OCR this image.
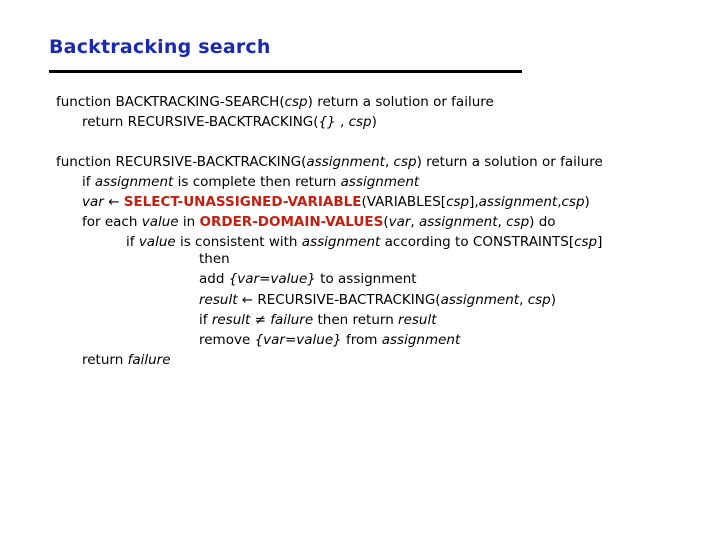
Backtracking search
function BACKTRACKING-SEARCH(csp) return a solution or failure
return RECURSIVE-BACKTRACKING({} , csp)
function RECURSIVE-BACKTRACKING(assignment, csp) return a solution or failure
if assignment is complete then return assignment
var ← SELECT-UNASSIGNED-VARIABLE(VARIABLES[csp],assignment,csp)
for each value in ORDER-DOMAIN-VALUES(var, assignment, csp) do
if value is consistent with assignment according to CONSTRAINTS[csp]
then
add {var=value} to assignment
result ← RECURSIVE-BACTRACKING(assignment, csp)
if result ≠ failure then return result
remove {var=value} from assignment
return failure
